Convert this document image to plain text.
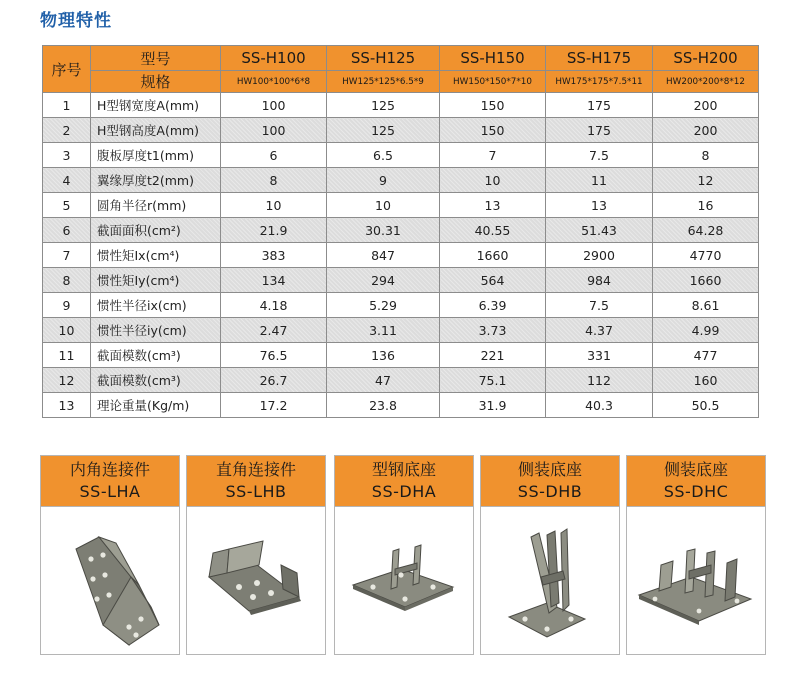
物理特性
序号	型号	SS-H100	SS-H125	SS-H150	SS-H175	SS-H200
	规格	HW100*100*6*8	HW125*125*6.5*9	HW150*150*7*10	HW175*175*7.5*11	HW200*200*8*12
1	H型钢宽度A(mm)	100	125	150	175	200
2	H型钢高度A(mm)	100	125	150	175	200
3	腹板厚度t1(mm)	6	6.5	7	7.5	8
4	翼缘厚度t2(mm)	8	9	10	11	12
5	圆角半径r(mm)	10	10	13	13	16
6	截面面积(cm²)	21.9	30.31	40.55	51.43	64.28
7	惯性矩Ix(cm⁴)	383	847	1660	2900	4770
8	惯性矩Iy(cm⁴)	134	294	564	984	1660
9	惯性半径ix(cm)	4.18	5.29	6.39	7.5	8.61
10	惯性半径iy(cm)	2.47	3.11	3.73	4.37	4.99
11	截面模数(cm³)	76.5	136	221	331	477
12	截面模数(cm³)	26.7	47	75.1	112	160
13	理论重量(Kg/m)	17.2	23.8	31.9	40.3	50.5
内角连接件
SS-LHA
直角连接件
SS-LHB
型钢底座
SS-DHA
侧装底座
SS-DHB
侧装底座
SS-DHC
